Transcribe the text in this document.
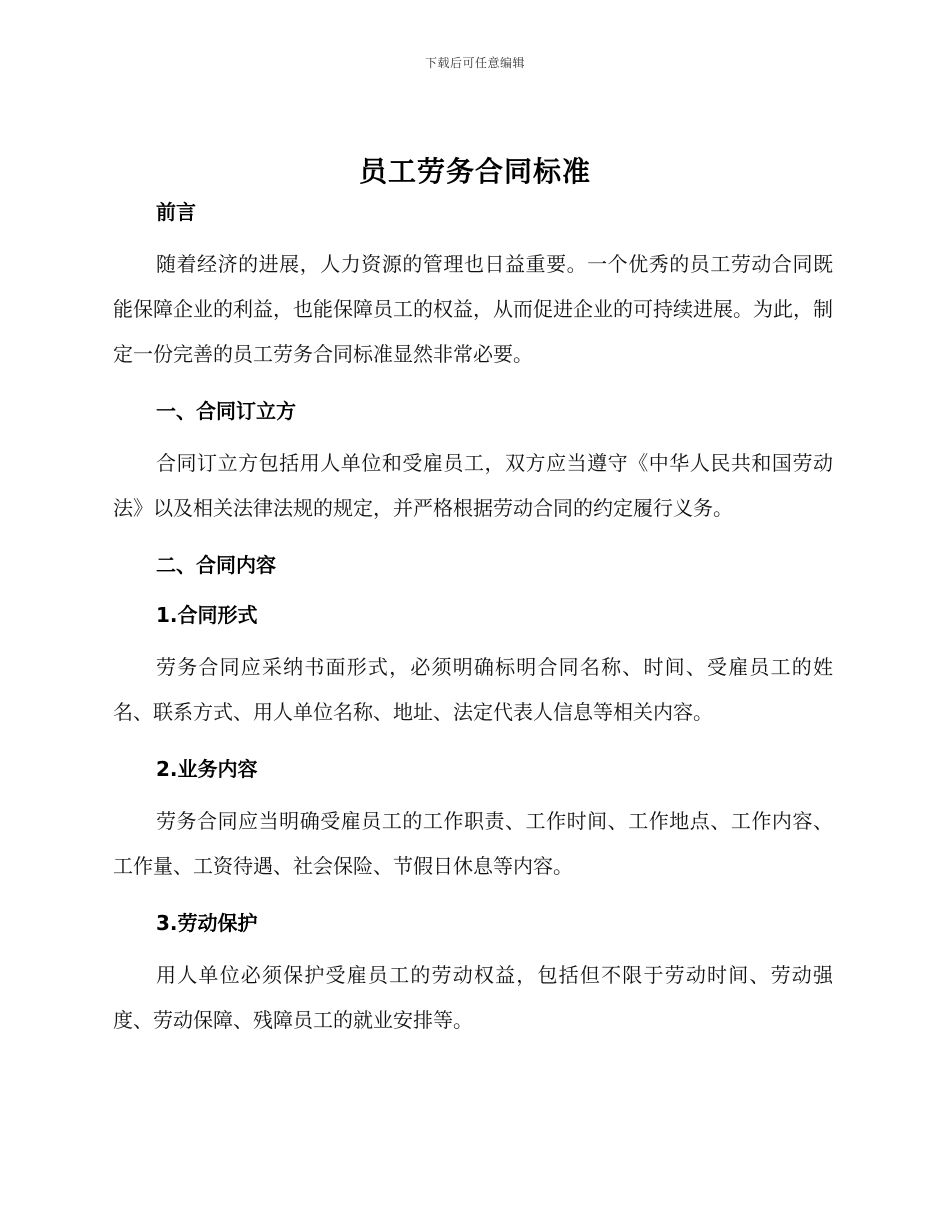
下载后可任意编辑
员工劳务合同标准

前言

随着经济的进展，人力资源的管理也日益重要。一个优秀的员工劳动合同既能保障企业的利益，也能保障员工的权益，从而促进企业的可持续进展。为此，制定一份完善的员工劳务合同标准显然非常必要。

一、合同订立方

合同订立方包括用人单位和受雇员工，双方应当遵守《中华人民共和国劳动法》以及相关法律法规的规定，并严格根据劳动合同的约定履行义务。

二、合同内容

1.合同形式

劳务合同应采纳书面形式，必须明确标明合同名称、时间、受雇员工的姓名、联系方式、用人单位名称、地址、法定代表人信息等相关内容。

2.业务内容

劳务合同应当明确受雇员工的工作职责、工作时间、工作地点、工作内容、工作量、工资待遇、社会保险、节假日休息等内容。

3.劳动保护

用人单位必须保护受雇员工的劳动权益，包括但不限于劳动时间、劳动强度、劳动保障、残障员工的就业安排等。
